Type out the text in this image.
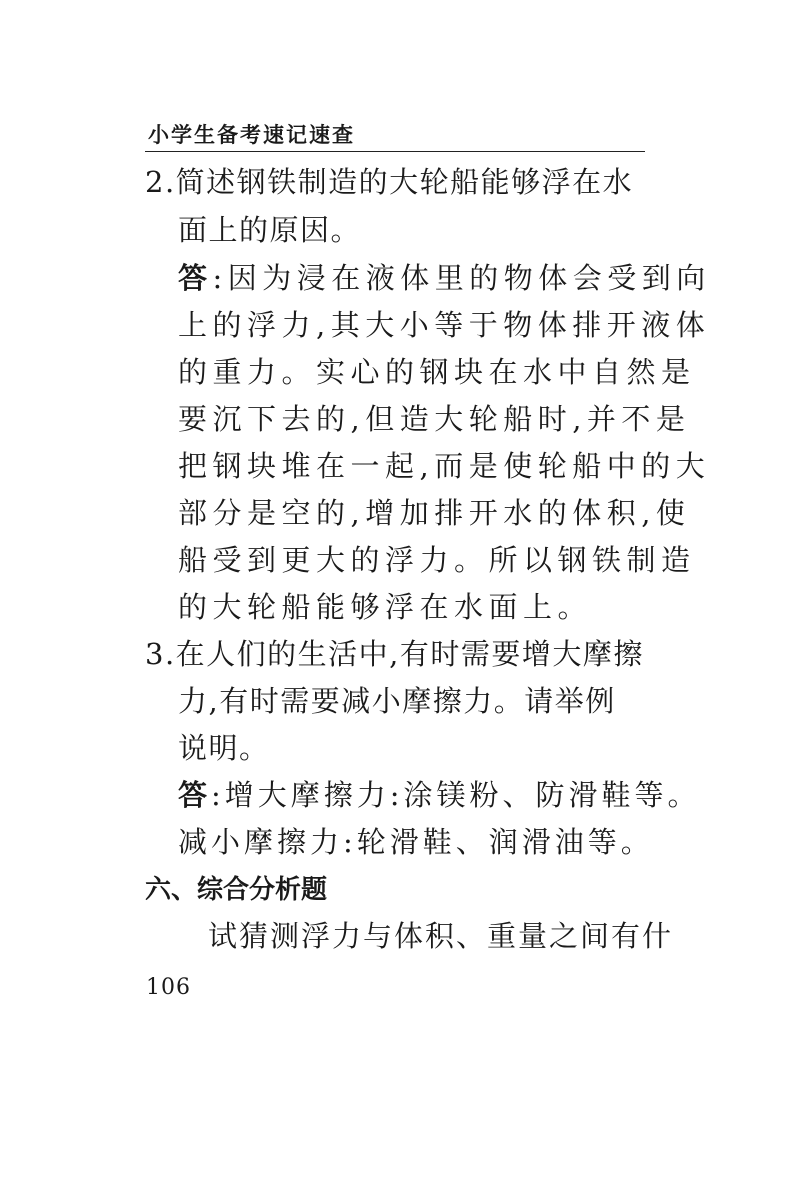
小学生备考速记速查
2.简述钢铁制造的大轮船能够浮在水
面上的原因。
答:因为浸在液体里的物体会受到向
上的浮力,其大小等于物体排开液体
的重力。实心的钢块在水中自然是
要沉下去的,但造大轮船时,并不是
把钢块堆在一起,而是使轮船中的大
部分是空的,增加排开水的体积,使
船受到更大的浮力。所以钢铁制造
的大轮船能够浮在水面上。
3.在人们的生活中,有时需要增大摩擦
力,有时需要减小摩擦力。请举例
说明。
答:增大摩擦力:涂镁粉、防滑鞋等。
减小摩擦力:轮滑鞋、润滑油等。
六、综合分析题
试猜测浮力与体积、重量之间有什
106
